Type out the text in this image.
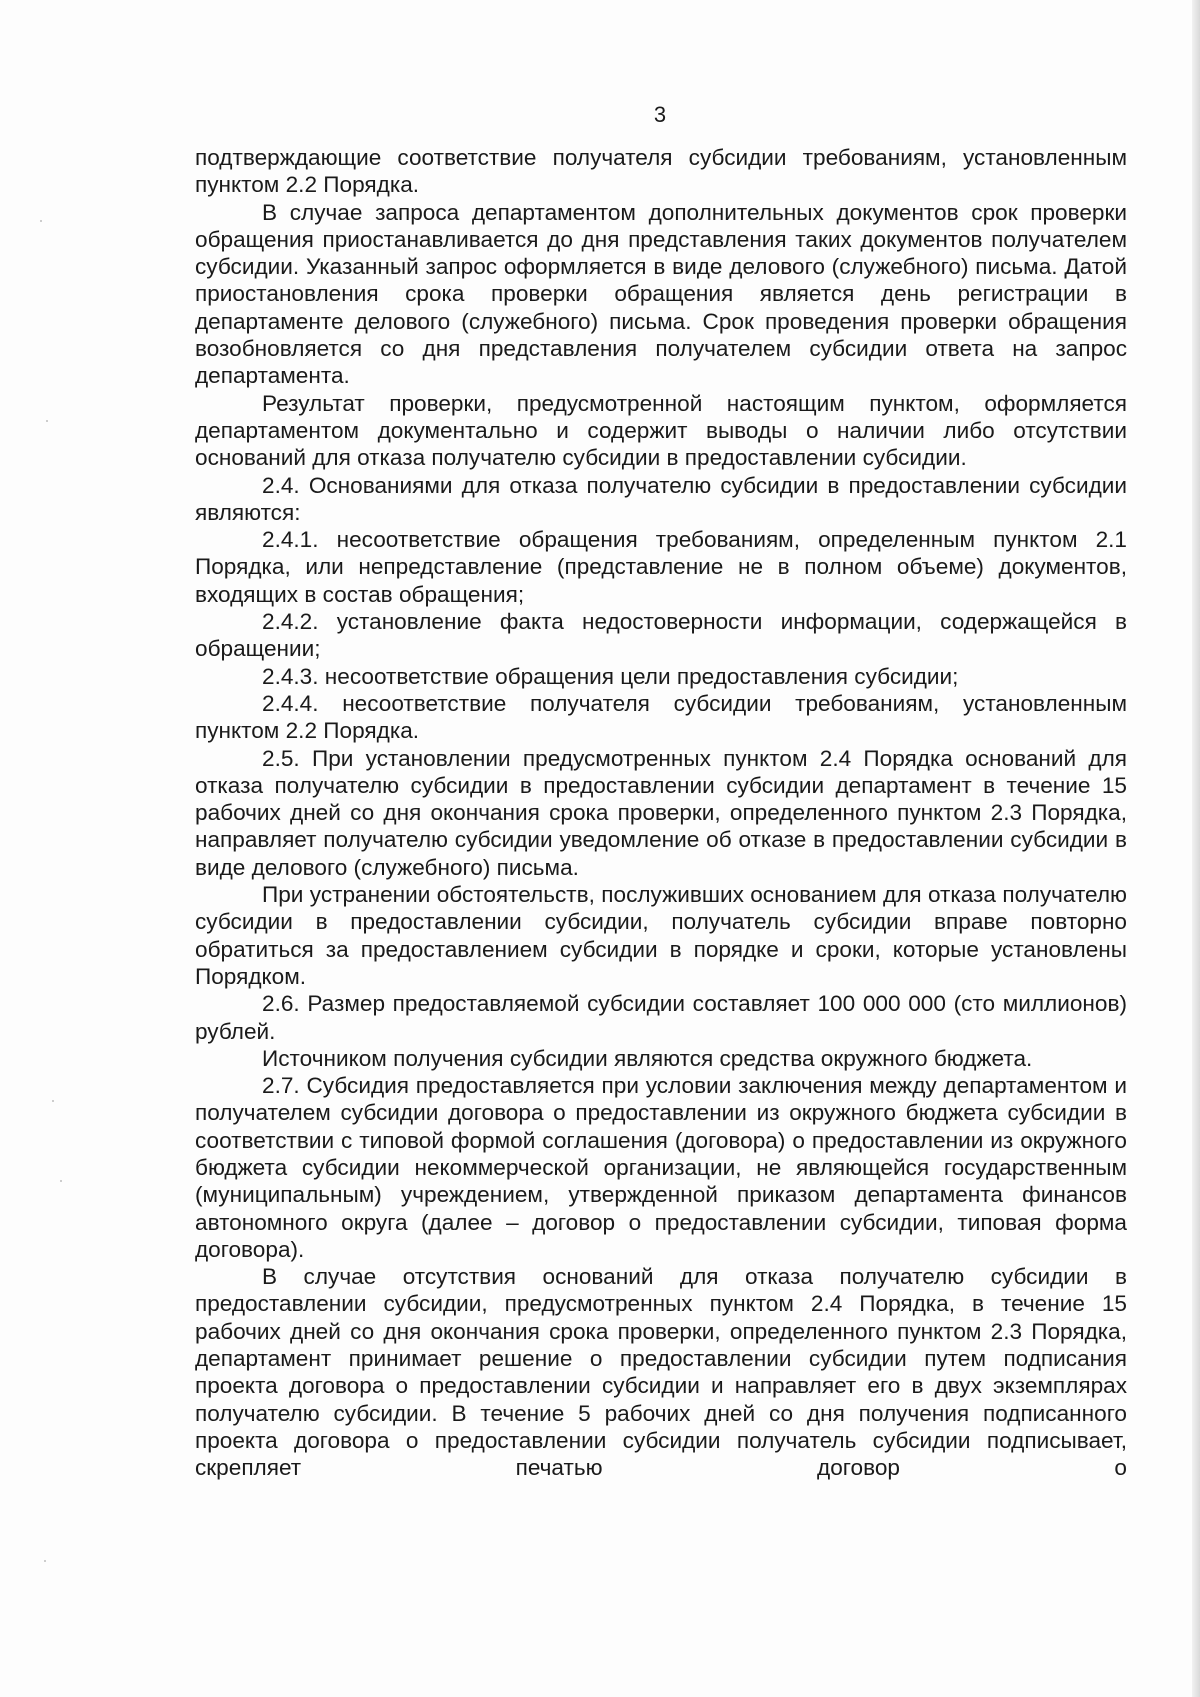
3

подтверждающие соответствие получателя субсидии требованиям, установленным пунктом 2.2 Порядка.

В случае запроса департаментом дополнительных документов срок проверки обращения приостанавливается до дня представления таких документов получателем субсидии. Указанный запрос оформляется в виде делового (служебного) письма. Датой приостановления срока проверки обращения является день регистрации в департаменте делового (служебного) письма. Срок проведения проверки обращения возобновляется со дня представления получателем субсидии ответа на запрос департамента.

Результат проверки, предусмотренной настоящим пунктом, оформляется департаментом документально и содержит выводы о наличии либо отсутствии оснований для отказа получателю субсидии в предоставлении субсидии.

2.4. Основаниями для отказа получателю субсидии в предоставлении субсидии являются:

2.4.1. несоответствие обращения требованиям, определенным пунктом 2.1 Порядка, или непредставление (представление не в полном объеме) документов, входящих в состав обращения;

2.4.2. установление факта недостоверности информации, содержащейся в обращении;

2.4.3. несоответствие обращения цели предоставления субсидии;

2.4.4. несоответствие получателя субсидии требованиям, установленным пунктом 2.2 Порядка.

2.5. При установлении предусмотренных пунктом 2.4 Порядка оснований для отказа получателю субсидии в предоставлении субсидии департамент в течение 15 рабочих дней со дня окончания срока проверки, определенного пунктом 2.3 Порядка, направляет получателю субсидии уведомление об отказе в предоставлении субсидии в виде делового (служебного) письма.

При устранении обстоятельств, послуживших основанием для отказа получателю субсидии в предоставлении субсидии, получатель субсидии вправе повторно обратиться за предоставлением субсидии в порядке и сроки, которые установлены Порядком.

2.6. Размер предоставляемой субсидии составляет 100 000 000 (сто миллионов) рублей.

Источником получения субсидии являются средства окружного бюджета.

2.7. Субсидия предоставляется при условии заключения между департаментом и получателем субсидии договора о предоставлении из окружного бюджета субсидии в соответствии с типовой формой соглашения (договора) о предоставлении из окружного бюджета субсидии некоммерческой организации, не являющейся государственным (муниципальным) учреждением, утвержденной приказом департамента финансов автономного округа (далее – договор о предоставлении субсидии, типовая форма договора).

В случае отсутствия оснований для отказа получателю субсидии в предоставлении субсидии, предусмотренных пунктом 2.4 Порядка, в течение 15 рабочих дней со дня окончания срока проверки, определенного пунктом 2.3 Порядка, департамент принимает решение о предоставлении субсидии путем подписания проекта договора о предоставлении субсидии и направляет его в двух экземплярах получателю субсидии. В течение 5 рабочих дней со дня получения подписанного проекта договора о предоставлении субсидии получатель субсидии подписывает, скрепляет печатью договор о
